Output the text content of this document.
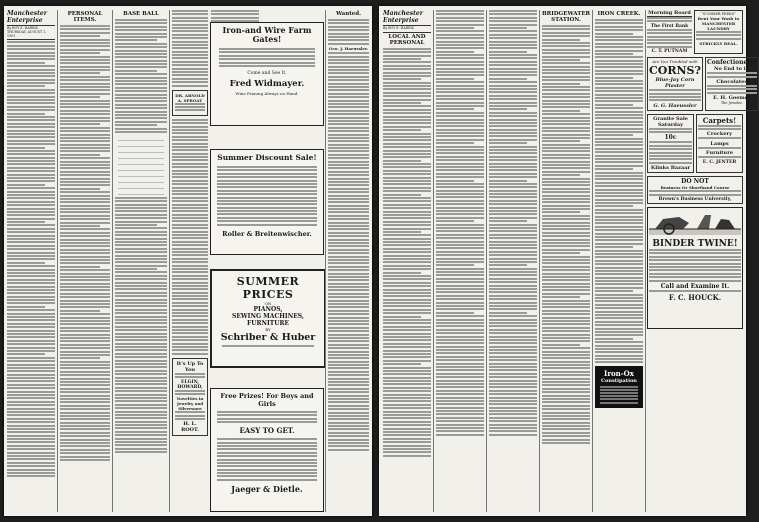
Manchester Enterprise
By ROY E. HARRIS
THURSDAY, AUGUST 1, 1901
PERSONAL ITEMS.
BASE BALL

DR. ARNOLD A. SPROAT
It's Up To You
ELGIN,
HOWARD,
Novelties in Jewelry and Silverware
H. L. ROOT.
Iron-and Wire Farm Gates!
Come and See It.
Fred Widmayer.
Wine Pruning Always on Hand.
Summer Discount Sale!
Roller & Breitenwischer.
SUMMER PRICES
ON
PIANOS,
SEWING MACHINES,
FURNITURE
BY
Schriber & Huber
Free Prizes! For Boys and Girls
EASY TO GET.
Jaeger & Dietle.
Wanted.
Geo. J. Haeussler.
Manchester Enterprise
By ROY E. HARRIS
LOCAL AND PERSONAL
BRIDGEWATER STATION.
IRON CREEK.
Iron-Ox
Constipation
Morning Board
The First Bank
C. T. PUTNAM
“SUMMER PEEKS”
Rent Your Wash to MANCHESTER LAUNDRY
STRICKLY REAL.
Are You Troubled with
CORNS?
Blue-Jay Corn Plaster
G. G. Haeussler
Confectionery!
No End to it.
Chocolates
E. H. Goemer
The Jeweler.
Granite Sale Saturday
10c
Klinks Bazaar
Carpets!
Crockery
Lamps
Furniture
E. C. JENTER
DO NOT
Business Or Shorthand Course
Brown's Business University,
BINDER TWINE!
Call and Examine It.
F. C. HOUCK.
